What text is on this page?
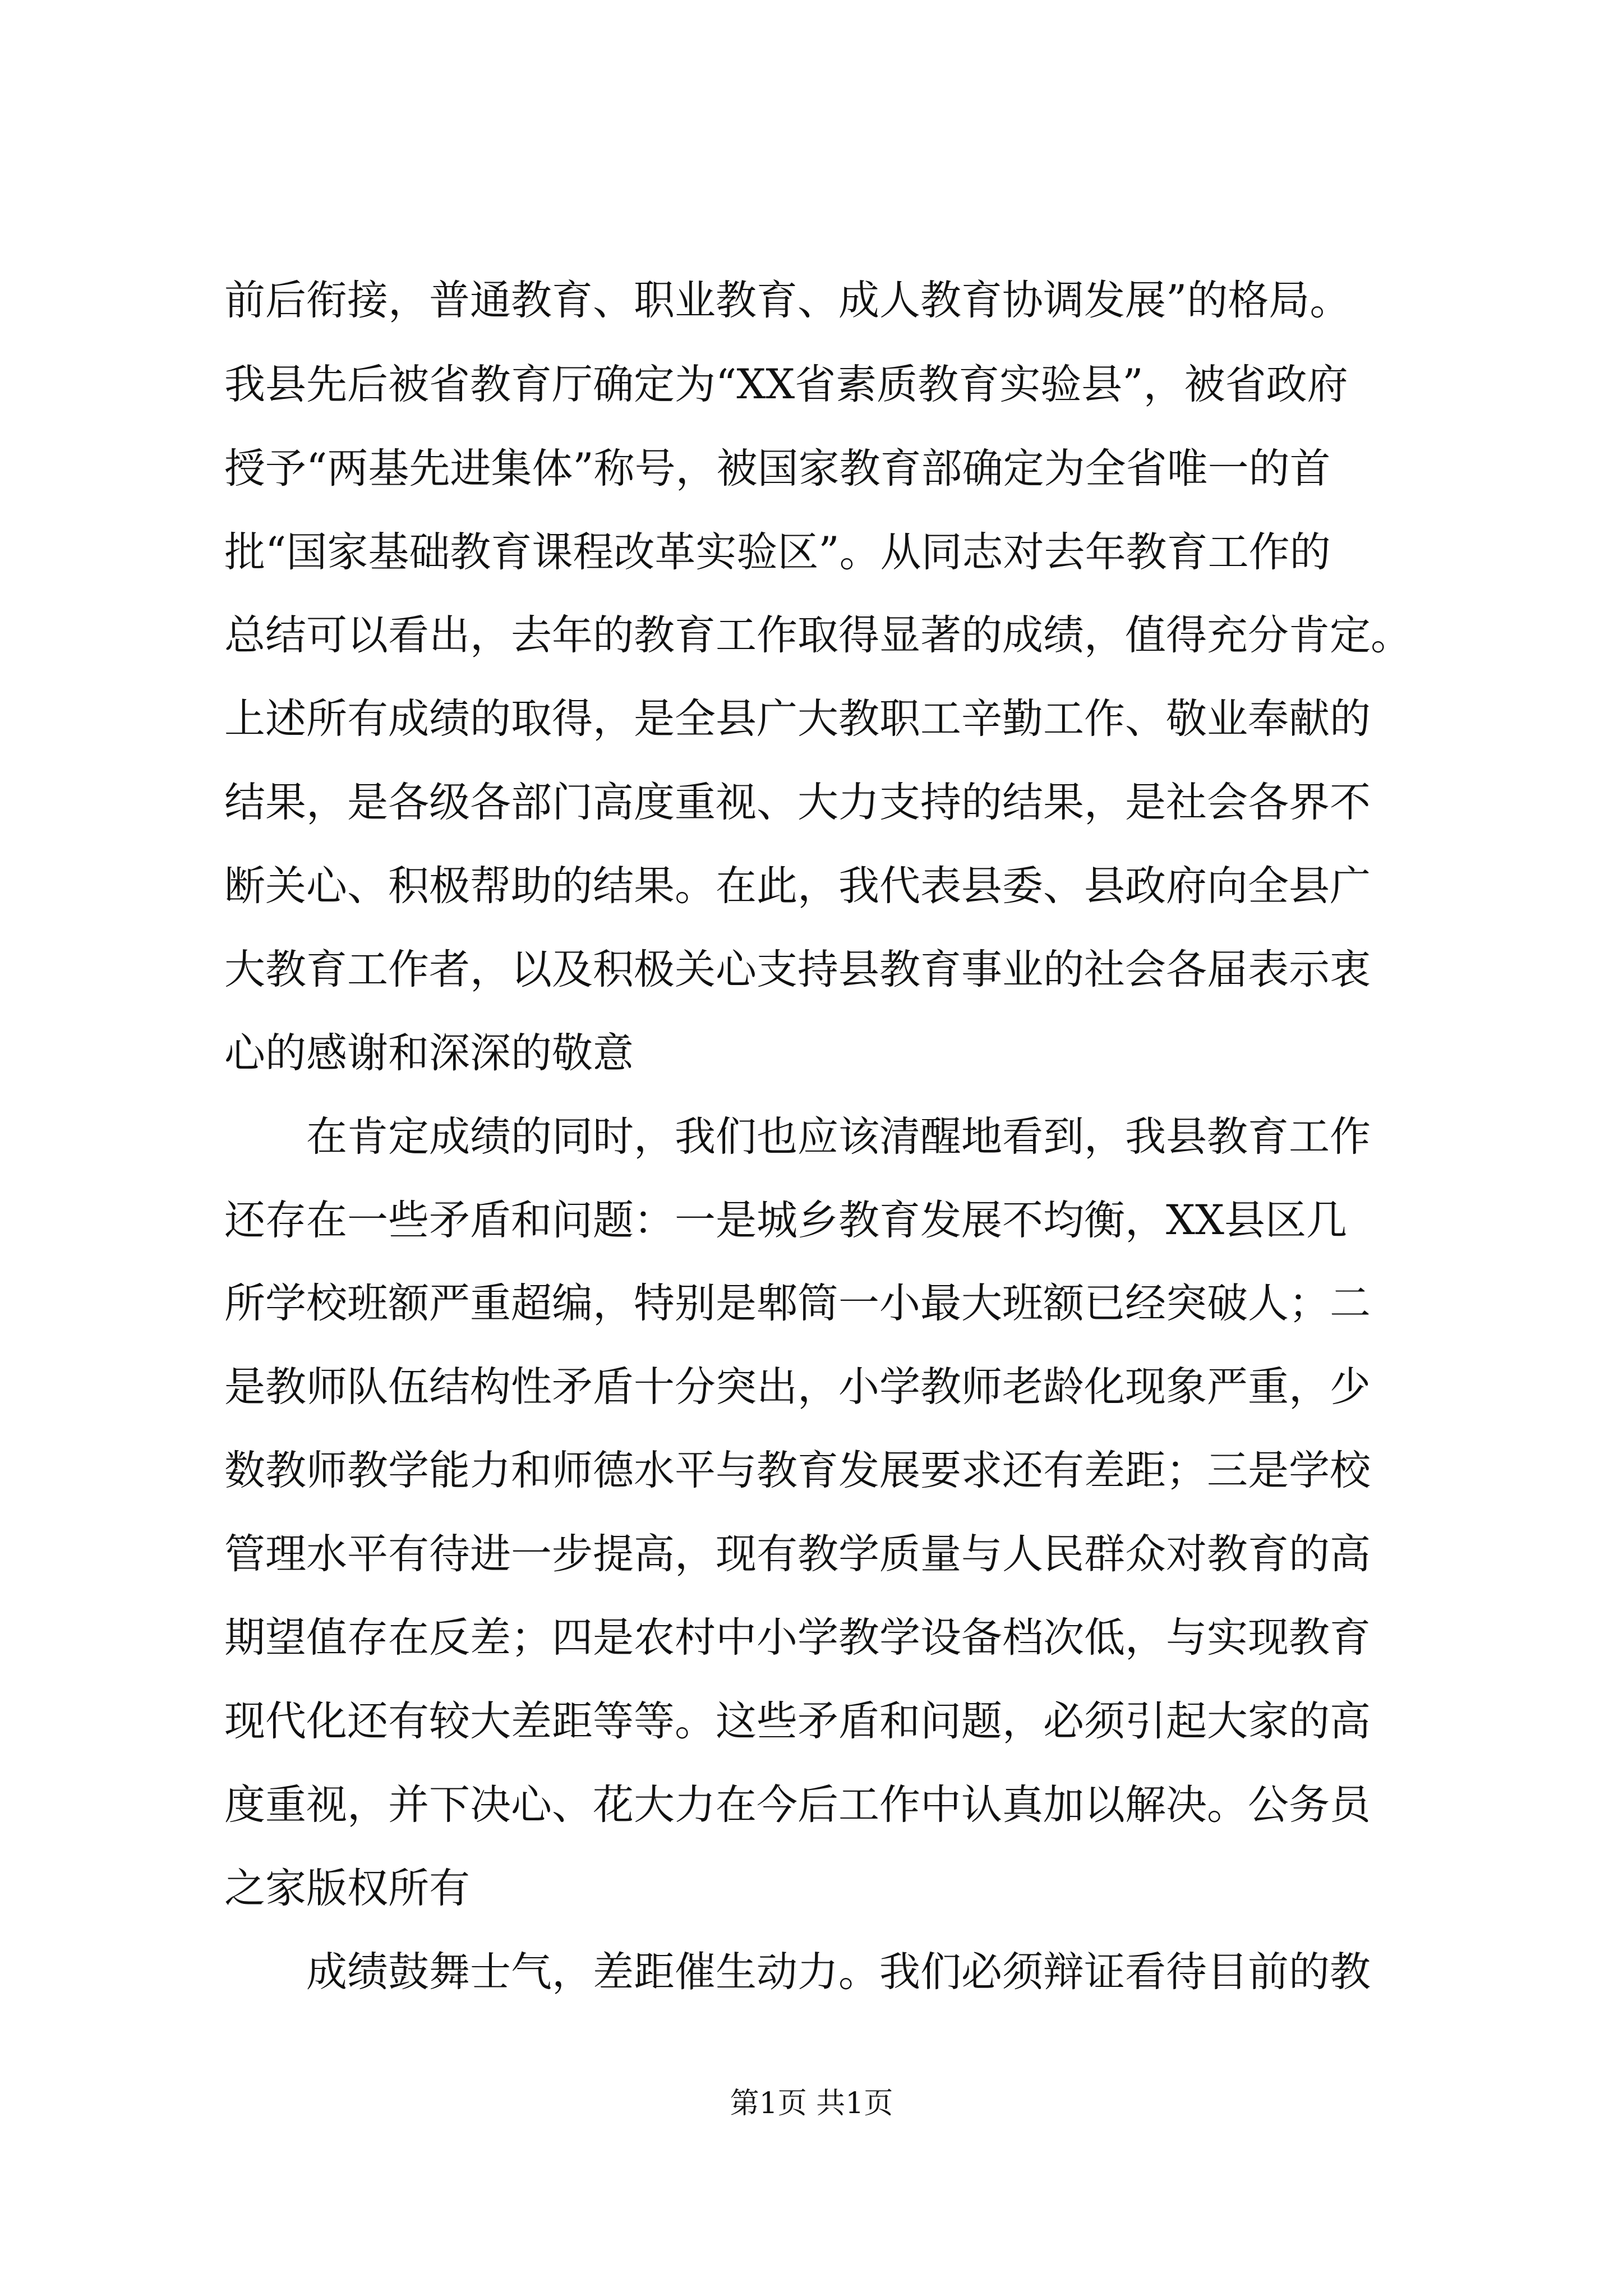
前后衔接，普通教育、职业教育、成人教育协调发展”的格局。
我县先后被省教育厅确定为“XX省素质教育实验县”，被省政府
授予“两基先进集体”称号，被国家教育部确定为全省唯一的首
批“国家基础教育课程改革实验区”。从同志对去年教育工作的
总结可以看出，去年的教育工作取得显著的成绩，值得充分肯定。
上述所有成绩的取得，是全县广大教职工辛勤工作、敬业奉献的
结果，是各级各部门高度重视、大力支持的结果，是社会各界不
断关心、积极帮助的结果。在此，我代表县委、县政府向全县广
大教育工作者，以及积极关心支持县教育事业的社会各届表示衷
心的感谢和深深的敬意
在肯定成绩的同时，我们也应该清醒地看到，我县教育工作
还存在一些矛盾和问题：一是城乡教育发展不均衡，XX县区几
所学校班额严重超编，特别是郫筒一小最大班额已经突破人；二
是教师队伍结构性矛盾十分突出，小学教师老龄化现象严重，少
数教师教学能力和师德水平与教育发展要求还有差距；三是学校
管理水平有待进一步提高，现有教学质量与人民群众对教育的高
期望值存在反差；四是农村中小学教学设备档次低，与实现教育
现代化还有较大差距等等。这些矛盾和问题，必须引起大家的高
度重视，并下决心、花大力在今后工作中认真加以解决。公务员
之家版权所有
成绩鼓舞士气，差距催生动力。我们必须辩证看待目前的教
第1页 共1页
